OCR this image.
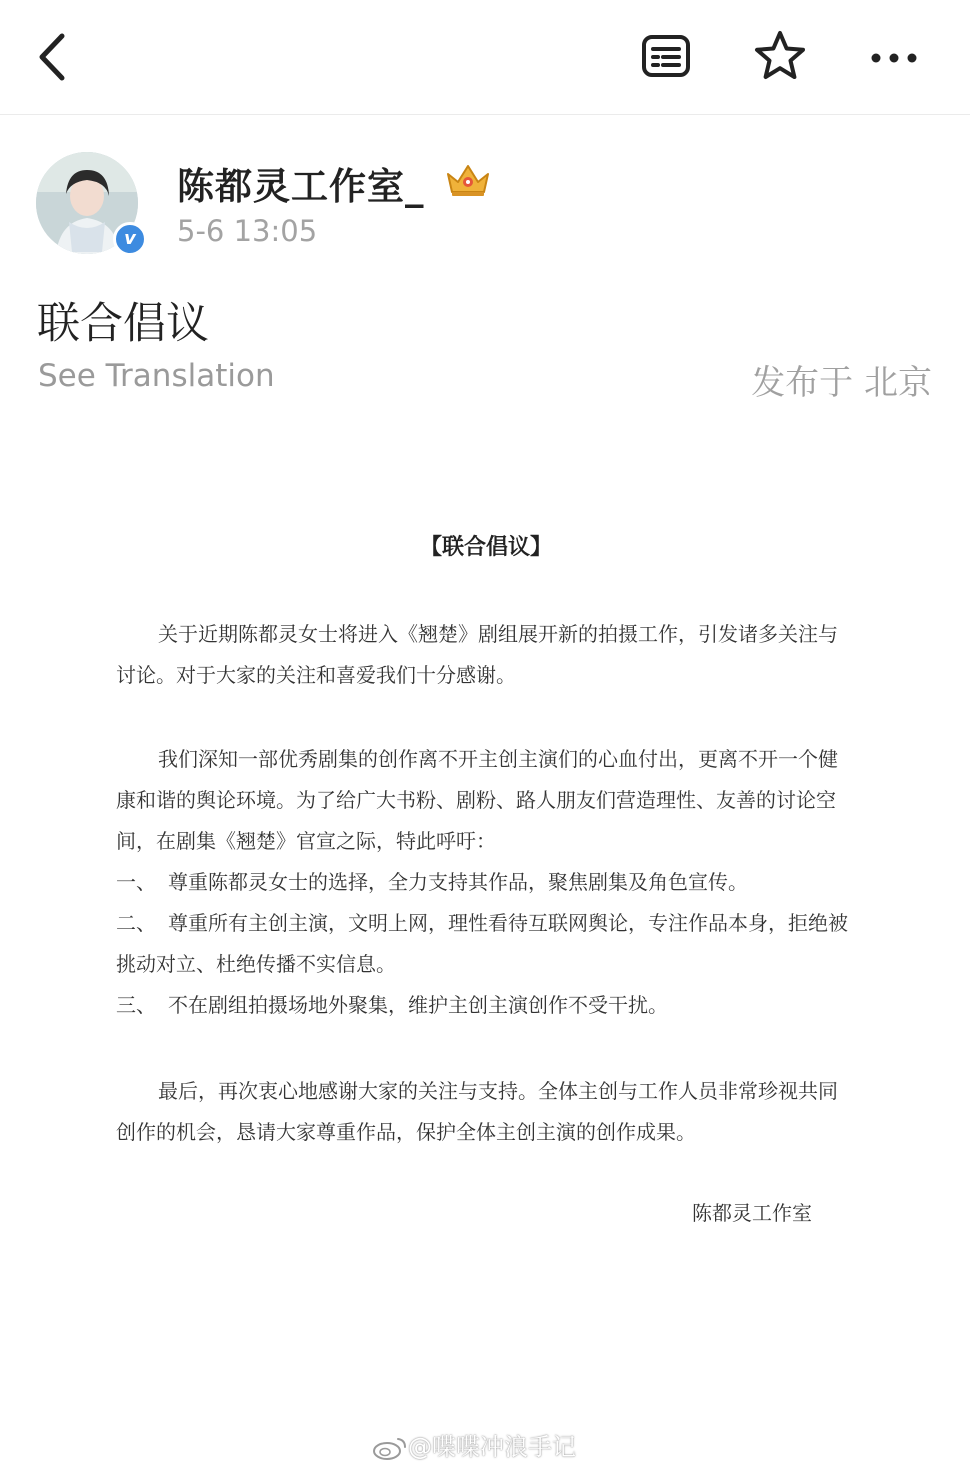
v
陈都灵工作室_
5-6 13:05
联合倡议
See Translation	发布于 北京
【联合倡议】

关于近期陈都灵女士将进入《翘楚》剧组展开新的拍摄工作，引发诸多关注与讨论。对于大家的关注和喜爱我们十分感谢。

我们深知一部优秀剧集的创作离不开主创主演们的心血付出，更离不开一个健康和谐的舆论环境。为了给广大书粉、剧粉、路人朋友们营造理性、友善的讨论空间，在剧集《翘楚》官宣之际，特此呼吁：

一、 尊重陈都灵女士的选择，全力支持其作品，聚焦剧集及角色宣传。

二、 尊重所有主创主演，文明上网，理性看待互联网舆论，专注作品本身，拒绝被挑动对立、杜绝传播不实信息。

三、 不在剧组拍摄场地外聚集，维护主创主演创作不受干扰。

最后，再次衷心地感谢大家的关注与支持。全体主创与工作人员非常珍视共同创作的机会，恳请大家尊重作品，保护全体主创主演的创作成果。

陈都灵工作室
@喋喋冲浪手记
